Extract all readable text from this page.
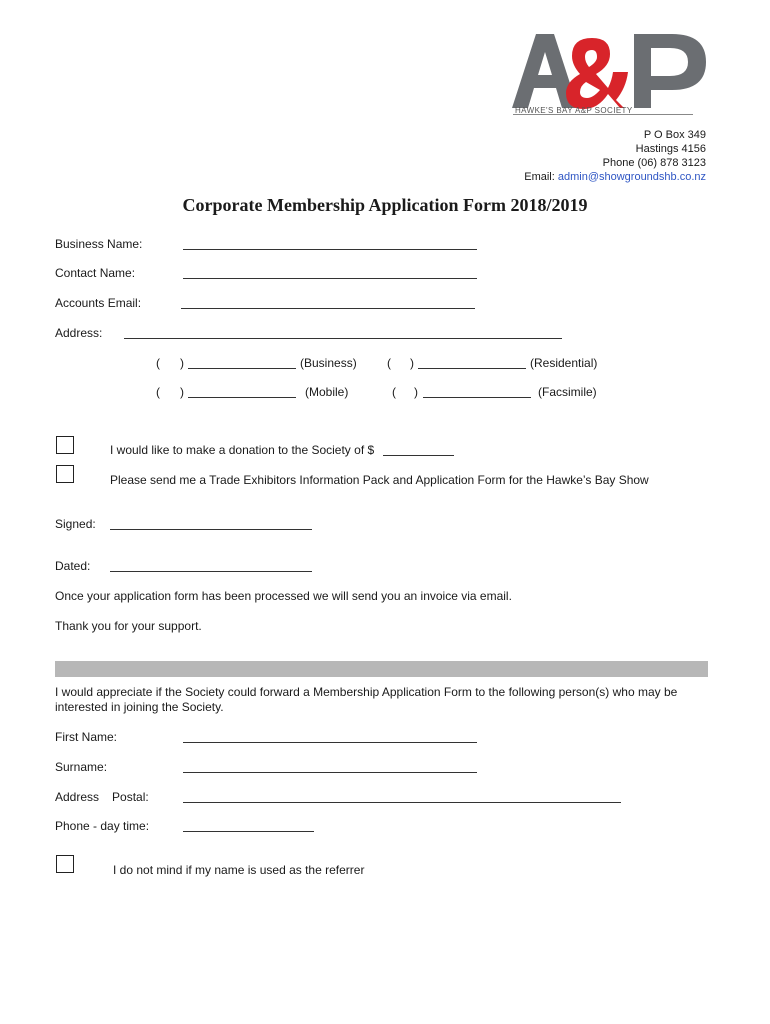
HAWKE'S BAY A&P SOCIETY
P O Box 349
Hastings 4156
Phone (06) 878 3123
Email: admin@showgroundshb.co.nz
Corporate Membership Application Form 2018/2019
Business Name:
Contact Name:
Accounts Email:
Address:
( )	(Business)	( )	(Residential)
( )	(Mobile)	( )	(Facsimile)
I would like to make a donation to the Society of $
Please send me a Trade Exhibitors Information Pack and Application Form for the Hawke’s Bay Show
Signed:
Dated:
Once your application form has been processed we will send you an invoice via email.
Thank you for your support.
I would appreciate if the Society could forward a Membership Application Form to the following person(s) who may be interested in joining the Society.
First Name:
Surname:
Address Postal:
Phone - day time:
I do not mind if my name is used as the referrer
